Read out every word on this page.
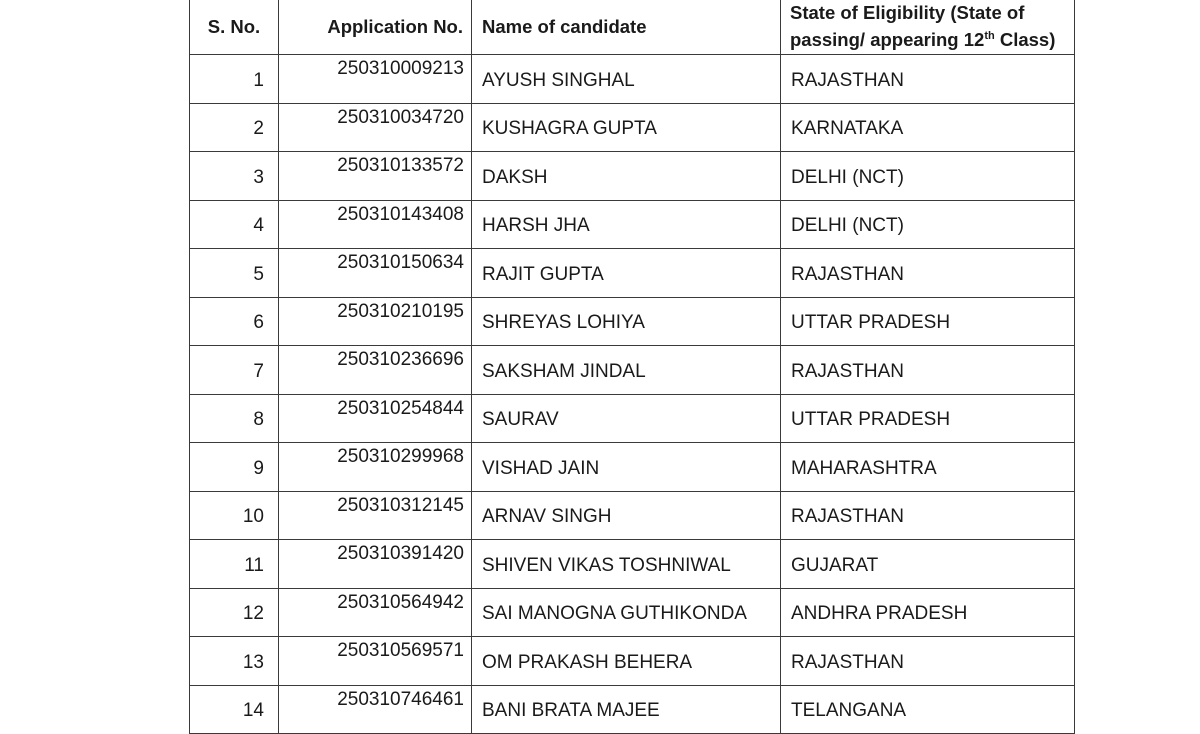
S. No.	Application No.	Name of candidate	State of Eligibility (State of
passing/ appearing 12th Class)
1	250310009213	AYUSH SINGHAL	RAJASTHAN
2	250310034720	KUSHAGRA GUPTA	KARNATAKA
3	250310133572	DAKSH	DELHI (NCT)
4	250310143408	HARSH JHA	DELHI (NCT)
5	250310150634	RAJIT GUPTA	RAJASTHAN
6	250310210195	SHREYAS LOHIYA	UTTAR PRADESH
7	250310236696	SAKSHAM JINDAL	RAJASTHAN
8	250310254844	SAURAV	UTTAR PRADESH
9	250310299968	VISHAD JAIN	MAHARASHTRA
10	250310312145	ARNAV SINGH	RAJASTHAN
11	250310391420	SHIVEN VIKAS TOSHNIWAL	GUJARAT
12	250310564942	SAI MANOGNA GUTHIKONDA	ANDHRA PRADESH
13	250310569571	OM PRAKASH BEHERA	RAJASTHAN
14	250310746461	BANI BRATA MAJEE	TELANGANA
